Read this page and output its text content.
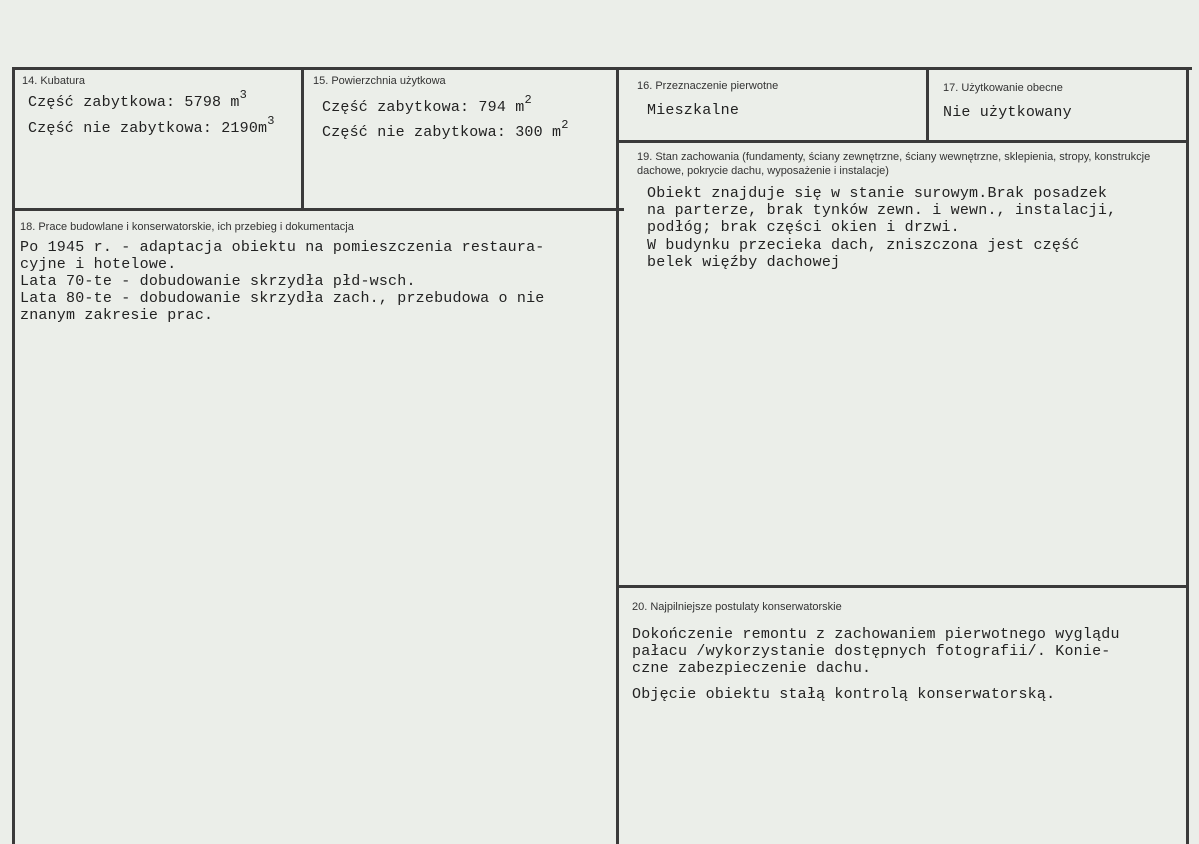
14. Kubatura
Część zabytkowa: 5798 $m^3$
Część nie zabytkowa: $2190m^3$
15. Powierzchnia użytkowa
Część zabytkowa: 794 $m^2$
Część nie zabytkowa: 300 $m^2$
16. Przeznaczenie pierwotne
Mieszkalne
17. Użytkowanie obecne
Nie użytkowany
18. Prace budowlane i konserwatorskie, ich przebieg i dokumentacja
Po 1945 r. - adaptacja obiektu na pomieszczenia restaura-
cyjne i hotelowe.
Lata 70-te - dobudowanie skrzydła płd-wsch.
Lata 80-te - dobudowanie skrzydła zach., przebudowa o nie
znanym zakresie prac.
19. Stan zachowania (fundamenty, ściany zewnętrzne, ściany wewnętrzne, sklepienia, stropy, konstrukcje dachowe, pokrycie dachu, wyposażenie i instalacje)
Obiekt znajduje się w stanie surowym.Brak posadzek
na parterze, brak tynków zewn. i wewn., instalacji,
podłóg; brak części okien i drzwi.
W budynku przecieka dach, zniszczona jest część
belek więźby dachowej
20. Najpilniejsze postulaty konserwatorskie
Dokończenie remontu z zachowaniem pierwotnego wyglądu
pałacu /wykorzystanie dostępnych fotografii/. Konie-
czne zabezpieczenie dachu.
Objęcie obiektu stałą kontrolą konserwatorską.
